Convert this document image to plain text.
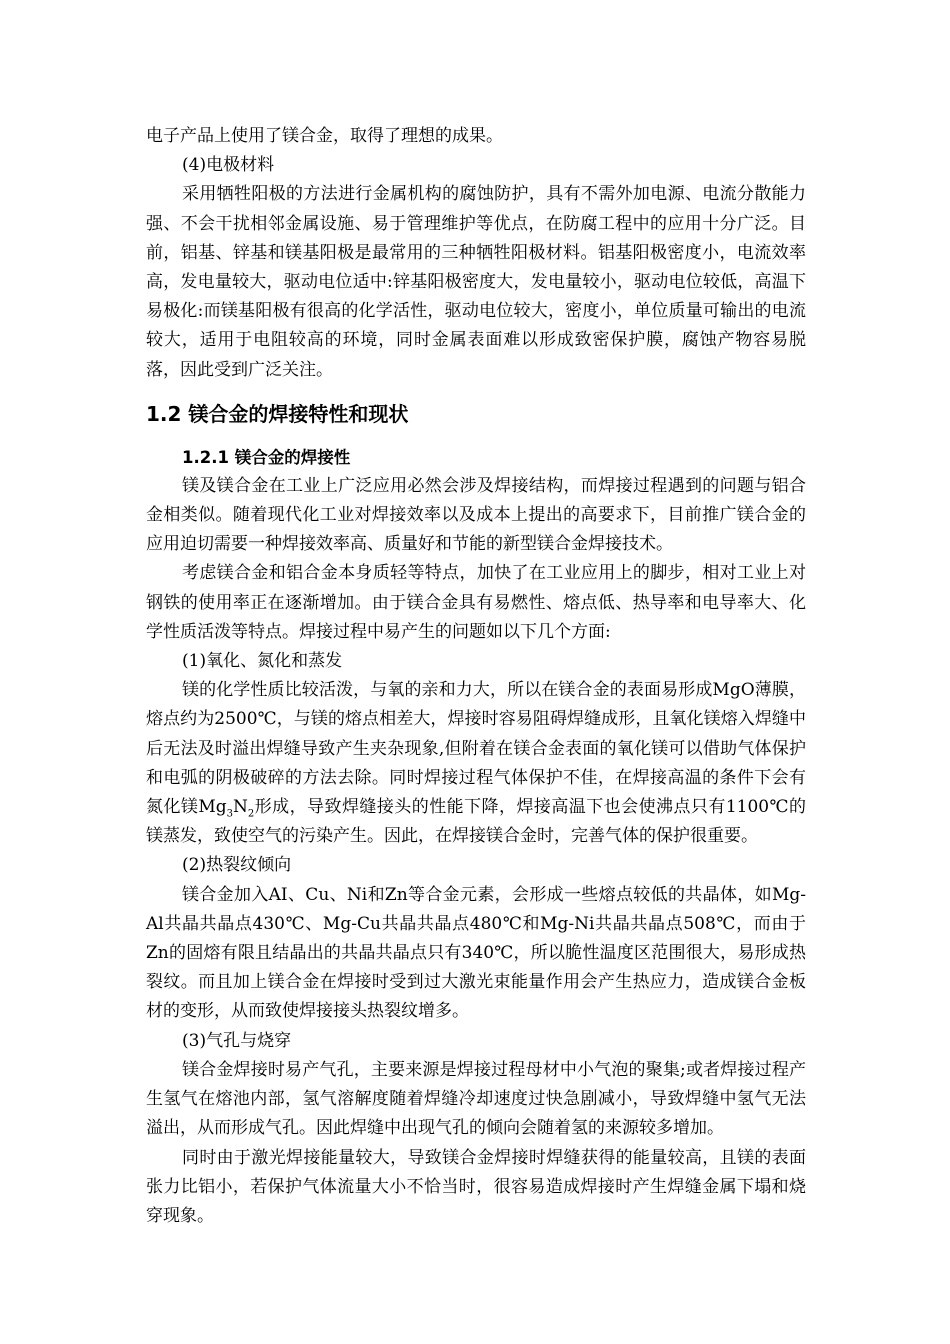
电子产品上使用了镁合金，取得了理想的成果。

(4)电极材料

采用牺牲阳极的方法进行金属机构的腐蚀防护，具有不需外加电源、电流分散能力强、不会干扰相邻金属设施、易于管理维护等优点，在防腐工程中的应用十分广泛。目前，铝基、锌基和镁基阳极是最常用的三种牺牲阳极材料。铝基阳极密度小，电流效率高，发电量较大，驱动电位适中:锌基阳极密度大，发电量较小，驱动电位较低，高温下易极化:而镁基阳极有很高的化学活性，驱动电位较大，密度小，单位质量可输出的电流较大，适用于电阻较高的环境，同时金属表面难以形成致密保护膜，腐蚀产物容易脱落，因此受到广泛关注。

1.2 镁合金的焊接特性和现状
1.2.1 镁合金的焊接性

镁及镁合金在工业上广泛应用必然会涉及焊接结构，而焊接过程遇到的问题与铝合金相类似。随着现代化工业对焊接效率以及成本上提出的高要求下，目前推广镁合金的应用迫切需要一种焊接效率高、质量好和节能的新型镁合金焊接技术。

考虑镁合金和铝合金本身质轻等特点，加快了在工业应用上的脚步，相对工业上对钢铁的使用率正在逐渐增加。由于镁合金具有易燃性、熔点低、热导率和电导率大、化学性质活泼等特点。焊接过程中易产生的问题如以下几个方面:

(1)氧化、氮化和蒸发

镁的化学性质比较活泼，与氧的亲和力大，所以在镁合金的表面易形成MgO薄膜，熔点约为2500℃，与镁的熔点相差大，焊接时容易阻碍焊缝成形，且氧化镁熔入焊缝中后无法及时溢出焊缝导致产生夹杂现象,但附着在镁合金表面的氧化镁可以借助气体保护和电弧的阴极破碎的方法去除。同时焊接过程气体保护不佳，在焊接高温的条件下会有氮化镁$Mg_3N_2$形成，导致焊缝接头的性能下降，焊接高温下也会使沸点只有1100℃的镁蒸发，致使空气的污染产生。因此，在焊接镁合金时，完善气体的保护很重要。

(2)热裂纹倾向

镁合金加入AI、Cu、Ni和Zn等合金元素，会形成一些熔点较低的共晶体，如Mg-Al共晶共晶点430℃、Mg-Cu共晶共晶点480℃和Mg-Ni共晶共晶点508℃，而由于Zn的固熔有限且结晶出的共晶共晶点只有340℃，所以脆性温度区范围很大，易形成热裂纹。而且加上镁合金在焊接时受到过大激光束能量作用会产生热应力，造成镁合金板材的变形，从而致使焊接接头热裂纹增多。

(3)气孔与烧穿

镁合金焊接时易产气孔，主要来源是焊接过程母材中小气泡的聚集;或者焊接过程产生氢气在熔池内部，氢气溶解度随着焊缝冷却速度过快急剧减小，导致焊缝中氢气无法溢出，从而形成气孔。因此焊缝中出现气孔的倾向会随着氢的来源较多增加。

同时由于激光焊接能量较大，导致镁合金焊接时焊缝获得的能量较高，且镁的表面张力比铝小，若保护气体流量大小不恰当时，很容易造成焊接时产生焊缝金属下塌和烧穿现象。
